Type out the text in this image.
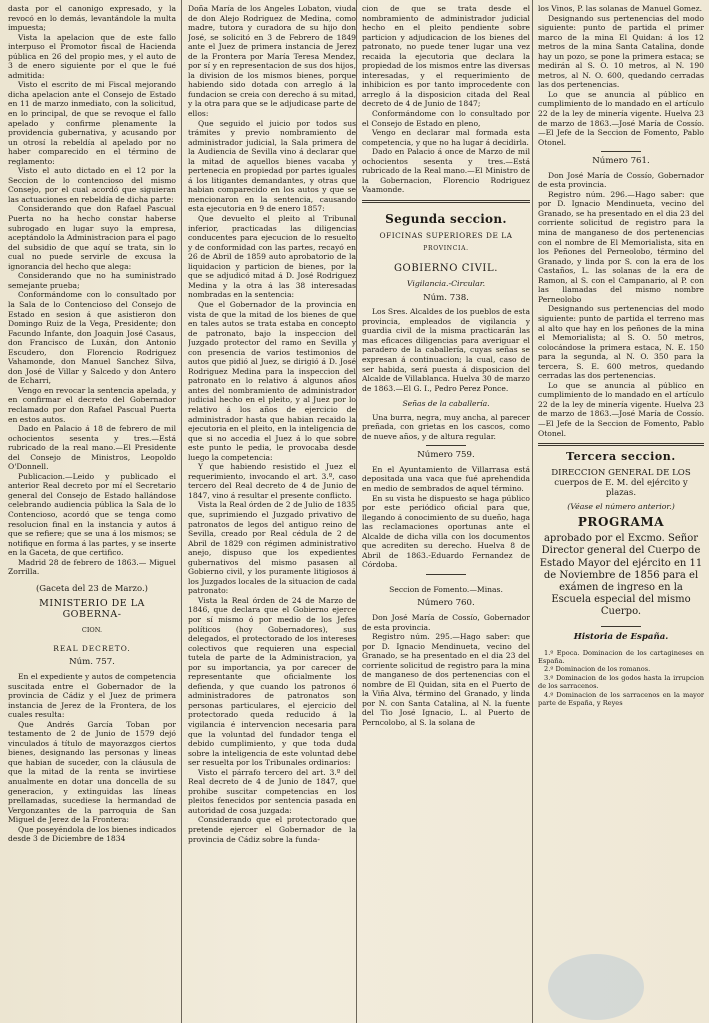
dasta por el canonigo expresado, y la revocó en lo demás, levantándole la multa impuesta;

Vista la apelacion que de este fallo interpuso el Promotor fiscal de Hacienda pública en 26 del propio mes, y el auto de 3 de enero siguiente por el que le fué admitida:

Visto el escrito de mi Fiscal mejorando dicha apelacion ante el Consejo de Estado en 11 de marzo inmediato, con la solicitud, en lo principal, de que se revoque el fallo apelado y confirme plenamente la providencia gubernativa, y acusando por un otrosí la rebeldía al apelado por no haber comparecido en el término de reglamento:

Visto el auto dictado en el 12 por la Seccion de lo contencioso del mismo Consejo, por el cual acordó que siguieran las actuaciones en rebeldía de dicha parte:

Considerando que don Rafael Pascual Puerta no ha hecho constar haberse subrogado en lugar suyo la empresa, aceptándolo la Administracion para el pago del subsidio de que aquí se trata, sin lo cual no puede servirle de excusa la ignorancia del hecho que alega:

Considerando que no ha suministrado semejante prueba;

Conformándome con lo consultado por la Sala de lo Contencioso del Consejo de Estado en sesion á que asistieron don Domingo Ruiz de la Vega, Presidente; don Facundo Infante, don Joaquin José Casaus, don Francisco de Luxán, don Antonio Escudero, don Florencio Rodriguez Vahamonde, don Manuel Sanchez Silva, don José de Villar y Salcedo y don Antero de Echarri,

Vengo en revocar la sentencia apelada, y en confirmar el decreto del Gobernador reclamado por don Rafael Pascual Puerta en estos autos.

Dado en Palacio á 18 de febrero de mil ochocientos sesenta y tres.—Está rubricado de la real mano.—El Presidente del Consejo de Ministros, Leopoldo O'Donnell.

Publicacion.—Leido y publicado el anterior Real decreto por mí el Secretario general del Consejo de Estado hallándose celebrando audiencia pública la Sala de lo Contencioso, acordó que se tenga como resolucion final en la instancia y autos á que se refiere; que se una á los mismos; se notifique en forma á las partes, y se inserte en la Gaceta, de que certifico.

Madrid 28 de febrero de 1863.— Miguel Zorrilla.

(Gaceta del 23 de Marzo.)

MINISTERIO DE LA GOBERNA-

CION.

REAL DECRETO.

Núm. 757.

En el expediente y autos de competencia suscitada entre el Gobernador de la provincia de Cádiz y el Juez de primera instancia de Jerez de la Frontera, de los cuales resulta:

Que Andrés García Toban por testamento de 2 de Junio de 1579 dejó vinculados á título de mayorazgos ciertos bienes, designando las personas y lineas que habian de suceder, con la cláusula de que la mitad de la renta se invirtiese anualmente en dotar una doncella de su generacion, y extinguidas las líneas prellamadas, sucediese la hermandad de Vergonzantes de la parroquia de San Miguel de Jerez de la Frontera:

Que poseyéndola de los bienes indicados desde 3 de Diciembre de 1834

Doña María de los Angeles Lobaton, viuda de don Alejo Rodriguez de Medina, como madre, tutora y curadora de su hijo don José, se solicitó en 3 de Febrero de 1849 ante el Juez de primera instancia de Jerez de la Frontera por María Teresa Mendez, por sí y en representacion de sus dos hijos, la division de los mismos bienes, porque habiendo sido dotada con arreglo á la fundacion se creia con derecho á su mitad, y la otra para que se le adjudicase parte de ellos:

Que seguido el juicio por todos sus trámites y previo nombramiento de administrador judicial, la Sala primera de la Audiencia de Sevilla vino á declarar que la mitad de aquellos bienes vacaba y pertenecia en propiedad por partes iguales á los litigantes demandantes, y otras que habian comparecido en los autos y que se mencionaron en la sentencia, causando esta ejecutoria en 9 de enero 1857:

Que devuelto el pleito al Tribunal inferior, practicadas las diligencias conducentes para ejecucion de lo resuelto y de conformidad con las partes, recayó en 26 de Abril de 1859 auto aprobatorio de la liquidacion y particion de bienes, por la que se adjudicó mitad á D. José Rodriguez Medina y la otra á las 38 interesadas nombradas en la sentencia:

Que el Gobernador de la provincia en vista de que la mitad de los bienes de que en tales autos se trata estaba en concepto de patronato, bajo la inspeccion del Juzgado protector del ramo en Sevilla y con presencia de varios testimonios de autos que pidió al Juez, se dirigió á D. José Rodriguez Medina para la inspeccion del patronato en lo relativo á algunos años antes del nombramiento de administrador judicial hecho en el pleito, y al Juez por lo relativo á los años de ejercicio de administrador hasta que habian recaido la ejecutoria en el pleito, en la inteligencia de que si no accedia el Juez á lo que sobre este punto le pedia, le provocaba desde luego la competencia:

Y que habiendo resistido el Juez el requerimiento, invocando el art. 3.º, caso tercero del Real decreto de 4 de Junio de 1847, vino á resultar el presente conflicto.

Vista la Real órden de 2 de Julio de 1835 que, suprimiendo el Juzgado privativo de patronatos de legos del antiguo reino de Sevilla, creado por Real cédula de 2 de Abril de 1829 con régimen administrativo anejo, dispuso que los expedientes gubernativos del mismo pasasen al Gobierno civil, y los puramente litigiosos á los Juzgados locales de la situacion de cada patronato:

Vista la Real órden de 24 de Marzo de 1846, que declara que el Gobierno ejerce por sí mismo ó por medio de los Jefes políticos (hoy Gobernadores), sus delegados, el protectorado de los intereses colectivos que requieren una especial tutela de parte de la Administracion, ya por su importancia, ya por carecer de representante que oficialmente los defienda, y que cuando los patronos ó administradores de patronatos son personas particulares, el ejercicio del protectorado queda reducido á la vigilancia é intervencion necesaria para que la voluntad del fundador tenga el debido cumplimiento, y que toda duda sobre la inteligencia de este voluntad debe ser resuelta por los Tribunales ordinarios:

Visto el párrafo tercero del art. 3.º del Real decreto de 4 de Junio de 1847, que prohibe suscitar competencias en los pleitos fenecidos por sentencia pasada en autoridad de cosa juzgada:

Considerando que el protectorado que pretende ejercer el Gobernador de la provincia de Cádiz sobre la funda-

cion de que se trata desde el nombramiento de administrador judicial hecho en el pleito pendiente sobre particion y adjudicacion de los bienes del patronato, no puede tener lugar una vez recaida la ejecutoria que declara la propiedad de los mismos entre las diversas interesadas, y el requerimiento de inhibicion es por tanto improcedente con arreglo á la disposicion citada del Real decreto de 4 de Junio de 1847;

Conformándome con lo consultado por el Consejo de Estado en pleno,

Vengo en declarar mal formada esta competencia, y que no ha lugar á decidirla.

Dado en Palacio á once de Marzo de mil ochocientos sesenta y tres.—Está rubricado de la Real mano.—El Ministro de la Gobernacion, Florencio Rodriguez Vaamonde.

Segunda seccion.

OFICINAS SUPERIORES DE LA

PROVINCIA.

GOBIERNO CIVIL.

Vigilancia.-Circular.

Núm. 738.

Los Sres. Alcaldes de los pueblos de esta provincia, empleados de vigilancia y guardia civil de la misma practicarán las mas eficaces diligencias para averiguar el paradero de la caballería, cuyas señas se expresan á continuacion; la cual, caso de ser habida, será puesta á disposicion del Alcalde de Villablanca. Huelva 30 de marzo de 1863.—El G. I., Pedro Perez Ponce.

Señas de la caballería.

Una burra, negra, muy ancha, al parecer preñada, con grietas en los cascos, como de nueve años, y de altura regular.

Número 759.

En el Ayuntamiento de Villarrasa está depositada una vaca que fué aprehendida en medio de sembrados de aquel término.

En su vista he dispuesto se haga público por este periódico oficial para que, llegando á conocimiento de su dueño, haga las reclamaciones oportunas ante el Alcalde de dicha villa con los documentos que acrediten su derecho. Huelva 8 de Abril de 1863.-Eduardo Fernandez de Córdoba.

Seccion de Fomento.—Minas.

Número 760.

Don José María de Cossío, Gobernador de esta provincia.

Registro núm. 295.—Hago saber: que por D. Ignacio Mendinueta, vecino del Granado, se ha presentado en el dia 23 del corriente solicitud de registro para la mina de manganeso de dos pertenencias con el nombre de El Quidan, sita en el Puerto de la Viña Alva, término del Granado, y linda por N. con Santa Catalina, al N. la fuente del Tio José Ignacio, L. al Puerto de Perncolobo, al S. la solana de

los Vinos, P. las solanas de Manuel Gomez.

Designando sus pertenencias del modo siguiente: punto de partida el primer marco de la mina El Quidan: á los 12 metros de la mina Santa Catalina, donde hay un pozo, se pone la primera estaca; se medirán al S. O. 10 metros, al N. 190 metros, al N. O. 600, quedando cerradas las dos pertenencias.

Lo que se anuncia al público en cumplimiento de lo mandado en el artículo 22 de la ley de minería vigente. Huelva 23 de marzo de 1863.—José María de Cossío.—El Jefe de la Seccion de Fomento, Pablo Otonel.

Número 761.

Don José María de Cossío, Gobernador de esta provincia.

Registro núm. 296.—Hago saber: que por D. Ignacio Mendinueta, vecino del Granado, se ha presentado en el dia 23 del corriente solicitud de registro para la mina de manganeso de dos pertenencias con el nombre de El Memorialista, sita en los Peñones del Perneolobo, término del Granado, y linda por S. con la era de los Castaños, L. las solanas de la era de Ramon, al S. con el Campanario, al P. con las llamadas del mismo nombre Perneolobo

Designando sus pertenencias del modo siguiente: punto de partida el terreno mas al alto que hay en los peñones de la mina el Memorialista; al S. O. 50 metros, colocándose la primera estaca, N. E. 150 para la segunda, al N. O. 350 para la tercera, S. E. 600 metros, quedando cerradas las dos pertenencias.

Lo que se anuncia al público en cumplimiento de lo mandado en el artículo 22 de la ley de minería vigente. Huelva 23 de marzo de 1863.—José María de Cossío.—El Jefe de la Seccion de Fomento, Pablo Otonel.

Tercera seccion.

DIRECCION GENERAL DE LOS cuerpos de E. M. del ejército y plazas.

(Véase el número anterior.)

PROGRAMA

aprobado por el Excmo. Señor Director general del Cuerpo de Estado Mayor del ejército en 11 de Noviembre de 1856 para el exámen de ingreso en la Escuela especial del mismo Cuerpo.

Historia de España.

1.º Epoca. Dominacion de los cartagineses en España.

2.º Dominacion de los romanos.

3.º Dominacion de los godos hasta la irrupcion de los sarracenos.

4.º Dominacion de los sarracenos en la mayor parte de España, y Reyes
